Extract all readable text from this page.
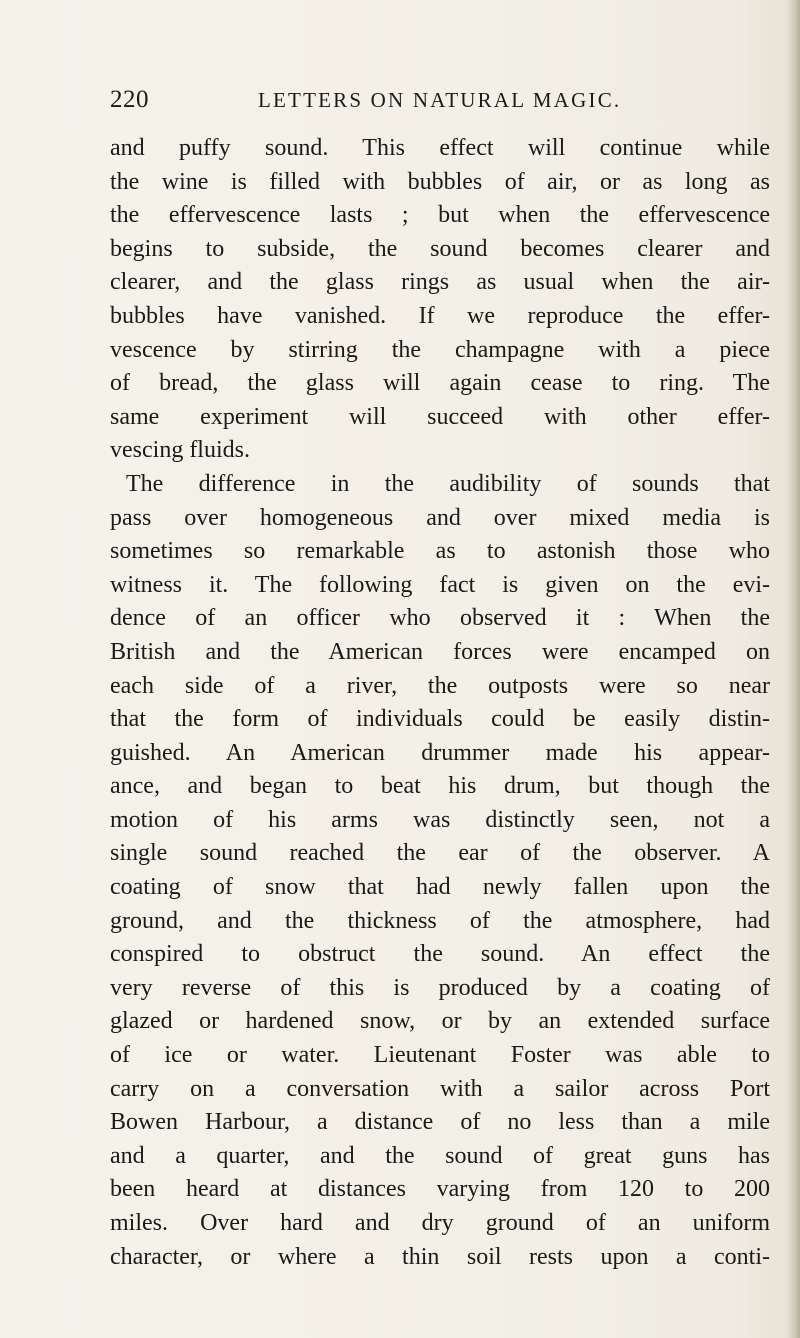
220	LETTERS ON NATURAL MAGIC.
and puffy sound. This effect will continue while
the wine is filled with bubbles of air, or as long as
the effervescence lasts ; but when the effervescence
begins to subside, the sound becomes clearer and
clearer, and the glass rings as usual when the air-
bubbles have vanished. If we reproduce the effer-
vescence by stirring the champagne with a piece
of bread, the glass will again cease to ring. The
same experiment will succeed with other effer-
vescing fluids.
The difference in the audibility of sounds that
pass over homogeneous and over mixed media is
sometimes so remarkable as to astonish those who
witness it. The following fact is given on the evi-
dence of an officer who observed it : When the
British and the American forces were encamped on
each side of a river, the outposts were so near
that the form of individuals could be easily distin-
guished. An American drummer made his appear-
ance, and began to beat his drum, but though the
motion of his arms was distinctly seen, not a
single sound reached the ear of the observer. A
coating of snow that had newly fallen upon the
ground, and the thickness of the atmosphere, had
conspired to obstruct the sound. An effect the
very reverse of this is produced by a coating of
glazed or hardened snow, or by an extended surface
of ice or water. Lieutenant Foster was able to
carry on a conversation with a sailor across Port
Bowen Harbour, a distance of no less than a mile
and a quarter, and the sound of great guns has
been heard at distances varying from 120 to 200
miles. Over hard and dry ground of an uniform
character, or where a thin soil rests upon a conti-
